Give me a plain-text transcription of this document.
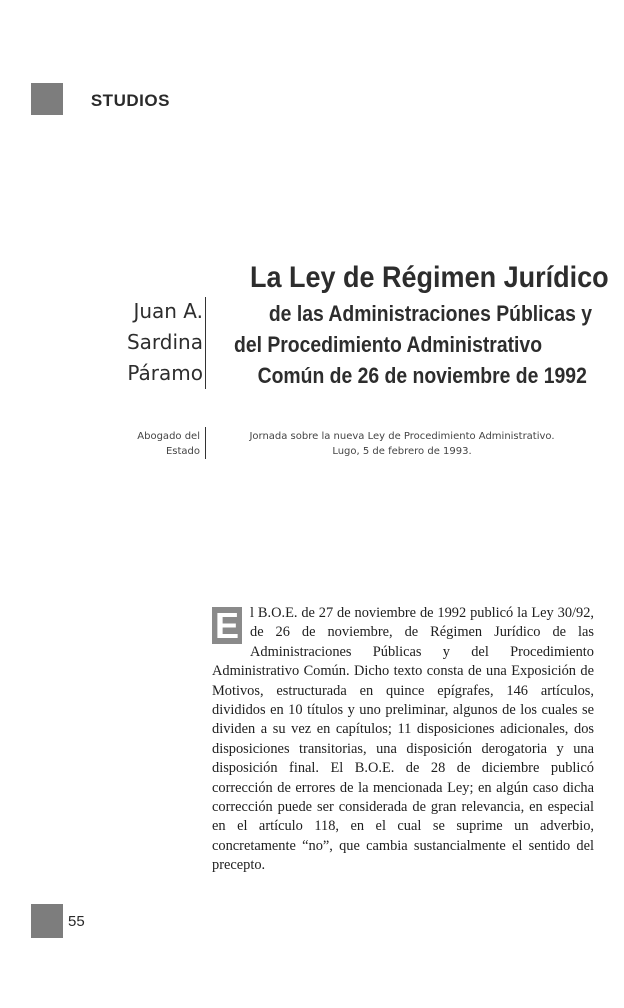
ESTUDIOS
La Ley de Régimen Jurídico
de las Administraciones Públicas y
del Procedimiento Administrativo
Común de 26 de noviembre de 1992
Juan A.
Sardina
Páramo
Abogado del
Estado
Jornada sobre la nueva Ley de Procedimiento Administrativo.
Lugo, 5 de febrero de 1993.
E l B.O.E. de 27 de noviembre de 1992 publicó la Ley 30/92, de 26 de noviembre, de Régimen Jurídico de las Administraciones Públicas y del Procedimiento Administrativo Común. Dicho texto consta de una Exposición de Motivos, estructurada en quince epígrafes, 146 artículos, divididos en 10 títulos y uno preliminar, algunos de los cuales se dividen a su vez en capítulos; 11 disposiciones adicionales, dos disposiciones transitorias, una disposición derogatoria y una disposición final. El B.O.E. de 28 de diciembre publicó corrección de errores de la mencionada Ley; en algún caso dicha corrección puede ser considerada de gran relevancia, en especial en el artículo 118, en el cual se suprime un adverbio, concretamente “no”, que cambia sustancialmente el sentido del precepto.
55
